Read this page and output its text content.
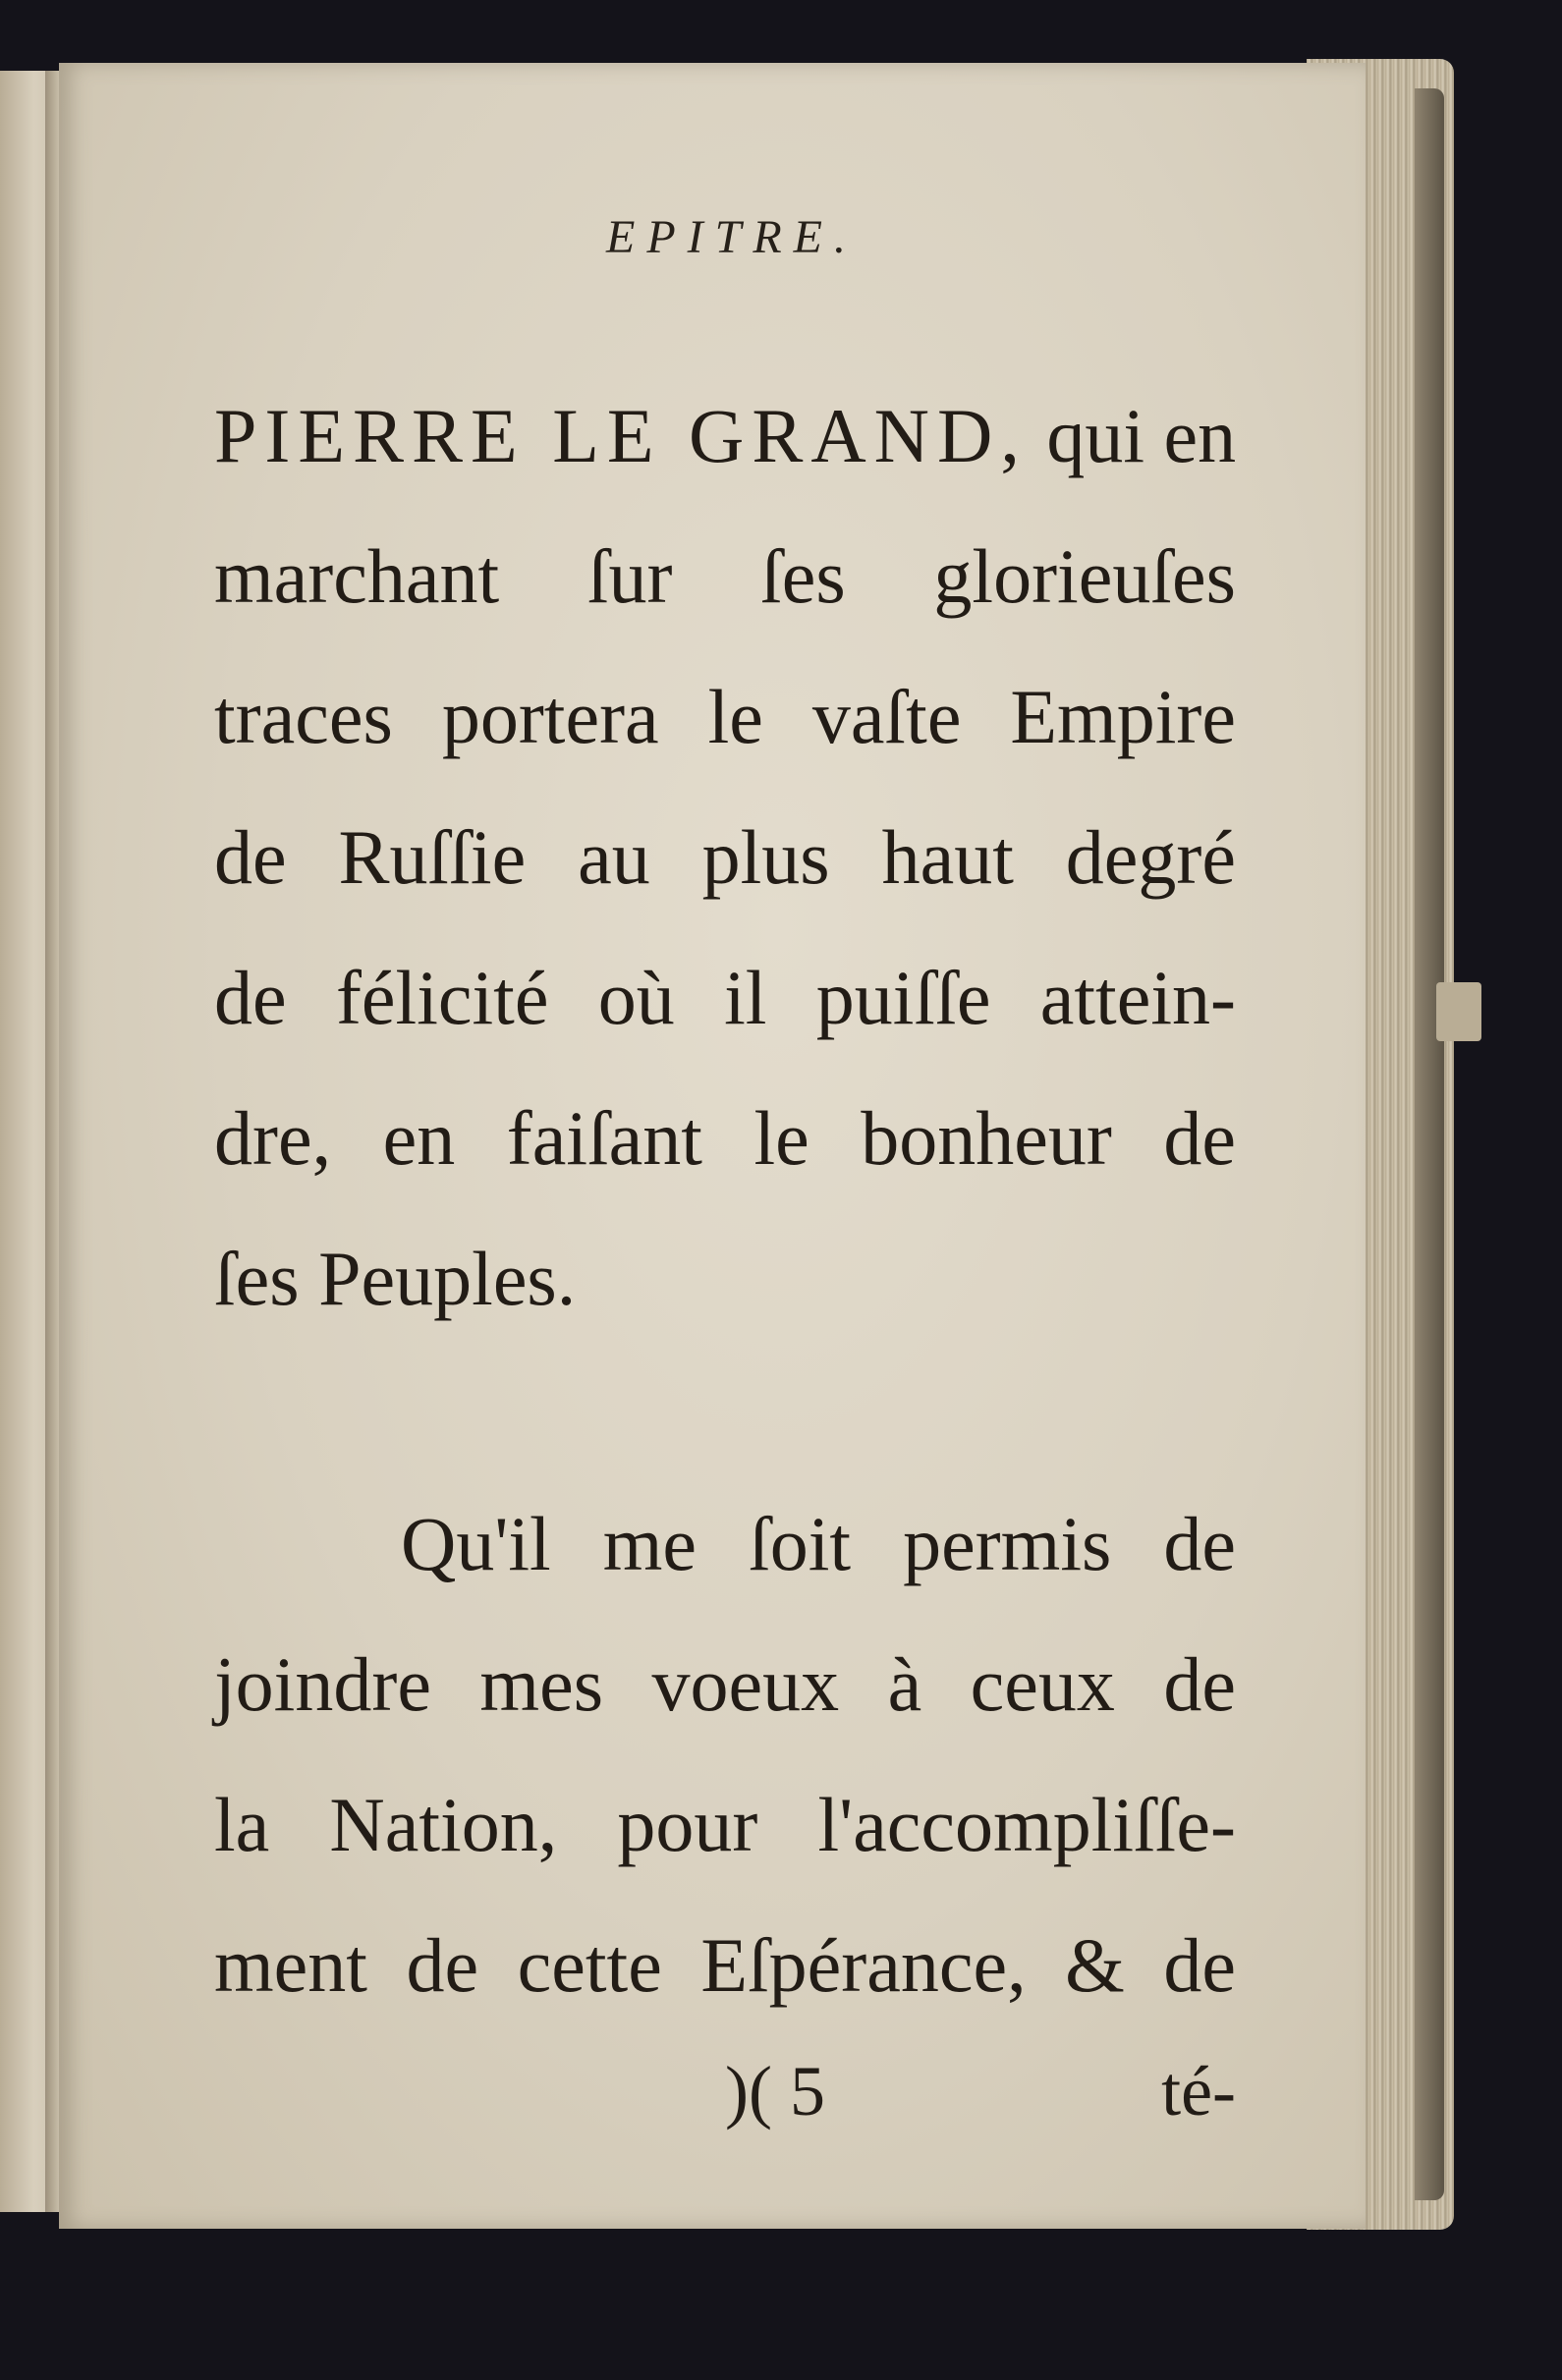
EPITRE.
PIERRE LE GRAND, qui en
marchant ſur ſes glorieuſes
traces portera le vaſte Empire
de Ruſſie au plus haut degré
de félicité où il puiſſe attein-
dre, en faiſant le bonheur de
ſes Peuples.
Qu'il me ſoit permis de
joindre mes voeux à ceux de
la Nation, pour l'accompliſſe-
ment de cette Eſpérance, & de
)( 5	té-
